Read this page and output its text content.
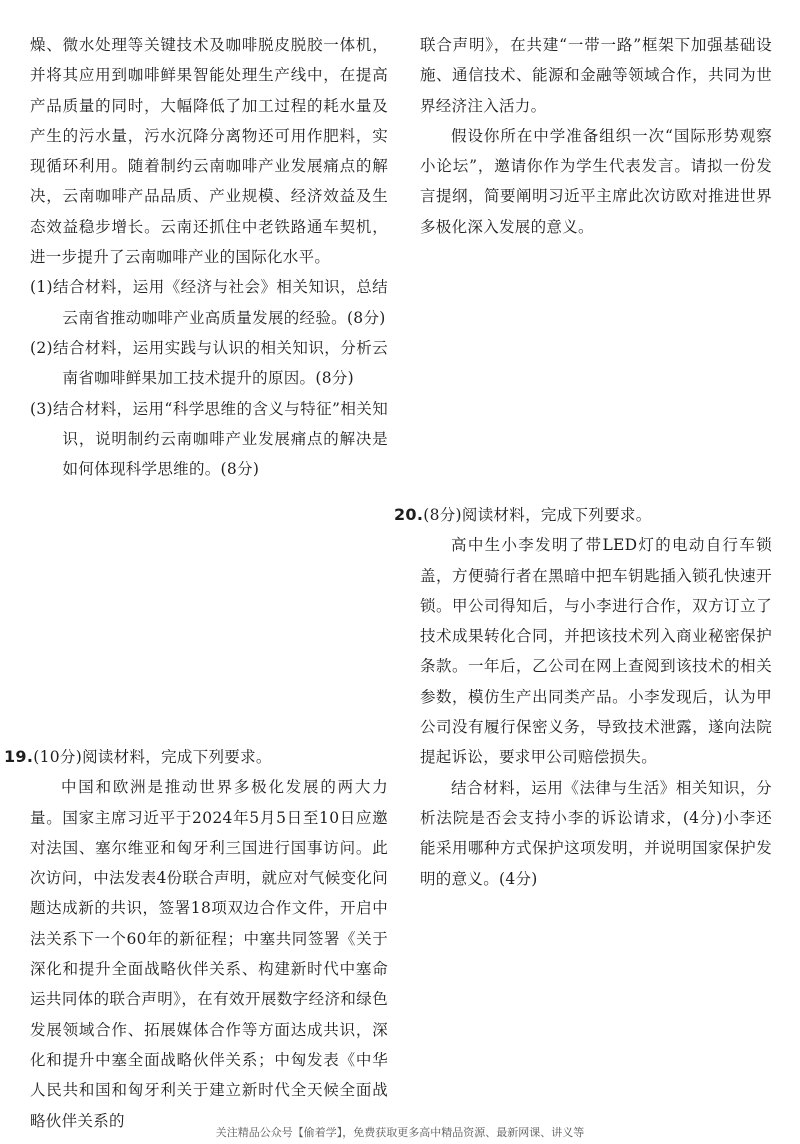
燥、微水处理等关键技术及咖啡脱皮脱胶一体机，并将其应用到咖啡鲜果智能处理生产线中，在提高产品质量的同时，大幅降低了加工过程的耗水量及产生的污水量，污水沉降分离物还可用作肥料，实现循环利用。随着制约云南咖啡产业发展痛点的解决，云南咖啡产品品质、产业规模、经济效益及生态效益稳步增长。云南还抓住中老铁路通车契机，进一步提升了云南咖啡产业的国际化水平。

(1)结合材料，运用《经济与社会》相关知识，总结云南省推动咖啡产业高质量发展的经验。(8分)

(2)结合材料，运用实践与认识的相关知识，分析云南省咖啡鲜果加工技术提升的原因。(8分)

(3)结合材料，运用“科学思维的含义与特征”相关知识，说明制约云南咖啡产业发展痛点的解决是如何体现科学思维的。(8分)

联合声明》，在共建“一带一路”框架下加强基础设施、通信技术、能源和金融等领域合作，共同为世界经济注入活力。

假设你所在中学准备组织一次“国际形势观察小论坛”，邀请你作为学生代表发言。请拟一份发言提纲，简要阐明习近平主席此次访欧对推进世界多极化深入发展的意义。

20.(8分)阅读材料，完成下列要求。

高中生小李发明了带LED灯的电动自行车锁盖，方便骑行者在黑暗中把车钥匙插入锁孔快速开锁。甲公司得知后，与小李进行合作，双方订立了技术成果转化合同，并把该技术列入商业秘密保护条款。一年后，乙公司在网上查阅到该技术的相关参数，模仿生产出同类产品。小李发现后，认为甲公司没有履行保密义务，导致技术泄露，遂向法院提起诉讼，要求甲公司赔偿损失。

结合材料，运用《法律与生活》相关知识，分析法院是否会支持小李的诉讼请求，(4分)小李还能采用哪种方式保护这项发明，并说明国家保护发明的意义。(4分)

19.(10分)阅读材料，完成下列要求。

中国和欧洲是推动世界多极化发展的两大力量。国家主席习近平于2024年5月5日至10日应邀对法国、塞尔维亚和匈牙利三国进行国事访问。此次访问，中法发表4份联合声明，就应对气候变化问题达成新的共识，签署18项双边合作文件，开启中法关系下一个60年的新征程；中塞共同签署《关于深化和提升全面战略伙伴关系、构建新时代中塞命运共同体的联合声明》，在有效开展数字经济和绿色发展领域合作、拓展媒体合作等方面达成共识，深化和提升中塞全面战略伙伴关系；中匈发表《中华人民共和国和匈牙利关于建立新时代全天候全面战略伙伴关系的

关注精品公众号【偷着学】，免费获取更多高中精品资源、最新网课、讲义等
